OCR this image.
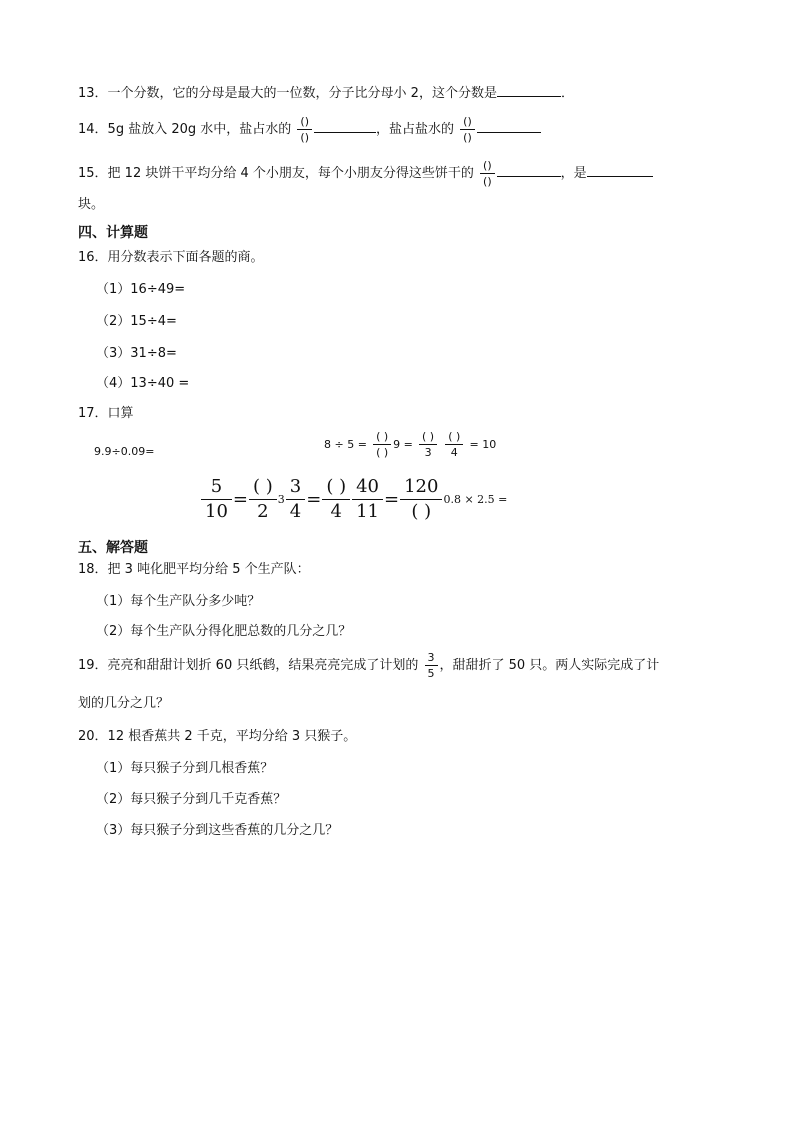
13．一个分数，它的分母是最大的一位数，分子比分母小 2，这个分数是	．
14．5g 盐放入 20g 水中，盐占水的 $\frac{()}{()}$	，盐占盐水的 $\frac{()}{()}$
15．把 12 块饼干平均分给 4 个小朋友，每个小朋友分得这些饼干的 $\frac{()}{()}$	，是
块。
四、计算题
16．用分数表示下面各题的商。
（1）16÷49=
（2）15÷4=
（3）31÷8=
（4）13÷40 =
17．口算
9.9÷0.09=
$8 \div 5 = \frac{( )}{( )} 9 = \frac{( )}{3}$
$\frac{( )}{4} = 10$
$\frac{5}{10} = \frac{( )}{2} 3 \frac{3}{4} = \frac{( )}{4} \frac{40}{11} = \frac{120}{( )} 0.8 \times 2.5$ =
五、解答题
18．把 3 吨化肥平均分给 5 个生产队：
（1）每个生产队分多少吨？
（2）每个生产队分得化肥总数的几分之几？
19．亮亮和甜甜计划折 60 只纸鹤，结果亮亮完成了计划的 $\frac{3}{5}$ ，甜甜折了 50 只。两人实际完成了计
划的几分之几？
20．12 根香蕉共 2 千克，平均分给 3 只猴子。
（1）每只猴子分到几根香蕉？
（2）每只猴子分到几千克香蕉？
（3）每只猴子分到这些香蕉的几分之几？
